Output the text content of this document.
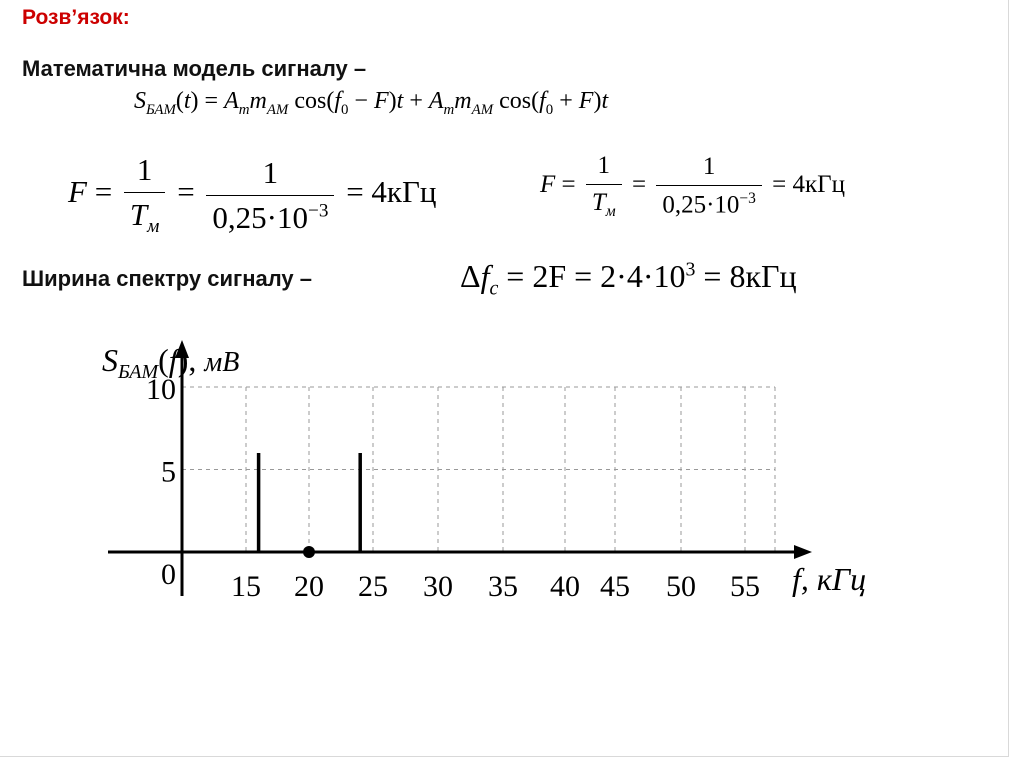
Розв’язок:
Математична модель сигналу –
$S_{БАМ}(t) = A_mm_{AM}$ $\cos(f_0 - F)t + A_mm_{AM}$ $\cos(f_0 + F)t$
$F = \frac{1}{T_м} = \frac{1}{0,25\cdot 10^{-3}} = 4кГц$	$F = \frac{1}{T_м} = \frac{1}{0,25\cdot 10^{-3}} = 4кГц$
Ширина спектру сигналу –	$\Delta f_c = 2F = 2\cdot 4\cdot 10^3 = 8кГц$
15 20 25 30 35 40 45 50 55
0
5
10
$S_{БАМ}(f)$, мВ
f, кГц
